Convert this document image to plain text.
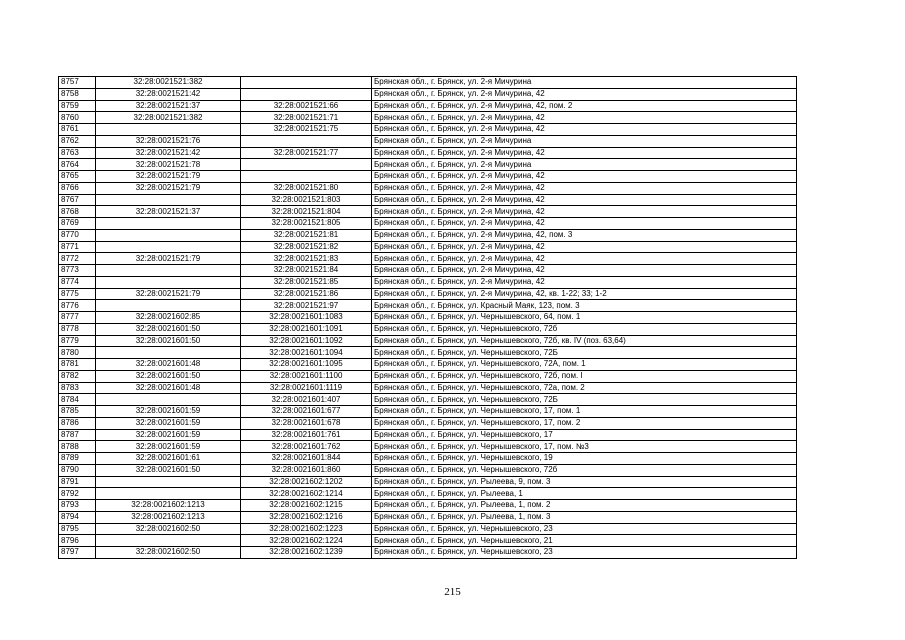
8757	32:28:0021521:382		Брянская обл., г. Брянск, ул. 2-я Мичурина
8758	32:28:0021521:42		Брянская обл., г. Брянск, ул. 2-я Мичурина, 42
8759	32:28:0021521:37	32:28:0021521:66	Брянская обл., г. Брянск, ул. 2-я Мичурина, 42, пом. 2
8760	32:28:0021521:382	32:28:0021521:71	Брянская обл., г. Брянск, ул. 2-я Мичурина, 42
8761		32:28:0021521:75	Брянская обл., г. Брянск, ул. 2-я Мичурина, 42
8762	32:28:0021521:76		Брянская обл., г. Брянск, ул. 2-я Мичурина
8763	32:28:0021521:42	32:28:0021521:77	Брянская обл., г. Брянск, ул. 2-я Мичурина, 42
8764	32:28:0021521:78		Брянская обл., г. Брянск, ул. 2-я Мичурина
8765	32:28:0021521:79		Брянская обл., г. Брянск, ул. 2-я Мичурина, 42
8766	32:28:0021521:79	32:28:0021521:80	Брянская обл., г. Брянск, ул. 2-я Мичурина, 42
8767		32:28:0021521:803	Брянская обл., г. Брянск, ул. 2-я Мичурина, 42
8768	32:28:0021521:37	32:28:0021521:804	Брянская обл., г. Брянск, ул. 2-я Мичурина, 42
8769		32:28:0021521:805	Брянская обл., г. Брянск, ул. 2-я Мичурина, 42
8770		32:28:0021521:81	Брянская обл., г. Брянск, ул. 2-я Мичурина, 42, пом. 3
8771		32:28:0021521:82	Брянская обл., г. Брянск, ул. 2-я Мичурина, 42
8772	32:28:0021521:79	32:28:0021521:83	Брянская обл., г. Брянск, ул. 2-я Мичурина, 42
8773		32:28:0021521:84	Брянская обл., г. Брянск, ул. 2-я Мичурина, 42
8774		32:28:0021521:85	Брянская обл., г. Брянск, ул. 2-я Мичурина, 42
8775	32:28:0021521:79	32:28:0021521:86	Брянская обл., г. Брянск, ул. 2-я Мичурина, 42, кв. 1-22; 33; 1-2
8776		32:28:0021521:97	Брянская обл., г. Брянск, ул. Красный Маяк, 123, пом. 3
8777	32:28:0021602:85	32:28:0021601:1083	Брянская обл., г. Брянск, ул. Чернышевского, 64, пом. 1
8778	32:28:0021601:50	32:28:0021601:1091	Брянская обл., г. Брянск, ул. Чернышевского, 72б
8779	32:28:0021601:50	32:28:0021601:1092	Брянская обл., г. Брянск, ул. Чернышевского, 72б, кв. IV (поз. 63,64)
8780		32:28:0021601:1094	Брянская обл., г. Брянск, ул. Чернышевского, 72Б
8781	32:28:0021601:48	32:28:0021601:1095	Брянская обл., г. Брянск, ул. Чернышевского, 72А, пом. 1
8782	32:28:0021601:50	32:28:0021601:1100	Брянская обл., г. Брянск, ул. Чернышевского, 72б, пом. I
8783	32:28:0021601:48	32:28:0021601:1119	Брянская обл., г. Брянск, ул. Чернышевского, 72а, пом. 2
8784		32:28:0021601:407	Брянская обл., г. Брянск, ул. Чернышевского, 72Б
8785	32:28:0021601:59	32:28:0021601:677	Брянская обл., г. Брянск, ул. Чернышевского, 17, пом. 1
8786	32:28:0021601:59	32:28:0021601:678	Брянская обл., г. Брянск, ул. Чернышевского, 17, пом. 2
8787	32:28:0021601:59	32:28:0021601:761	Брянская обл., г. Брянск, ул. Чернышевского, 17
8788	32:28:0021601:59	32:28:0021601:762	Брянская обл., г. Брянск, ул. Чернышевского, 17, пом. №3
8789	32:28:0021601:61	32:28:0021601:844	Брянская обл., г. Брянск, ул. Чернышевского, 19
8790	32:28:0021601:50	32:28:0021601:860	Брянская обл., г. Брянск, ул. Чернышевского, 72б
8791		32:28:0021602:1202	Брянская обл., г. Брянск, ул. Рылеева, 9, пом. 3
8792		32:28:0021602:1214	Брянская обл., г. Брянск, ул. Рылеева, 1
8793	32:28:0021602:1213	32:28:0021602:1215	Брянская обл., г. Брянск, ул. Рылеева, 1, пом. 2
8794	32:28:0021602:1213	32:28:0021602:1216	Брянская обл., г. Брянск, ул. Рылеева, 1, пом. 3
8795	32:28:0021602:50	32:28:0021602:1223	Брянская обл., г. Брянск, ул. Чернышевского, 23
8796		32:28:0021602:1224	Брянская обл., г. Брянск, ул. Чернышевского, 21
8797	32:28:0021602:50	32:28:0021602:1239	Брянская обл., г. Брянск, ул. Чернышевского, 23
215
